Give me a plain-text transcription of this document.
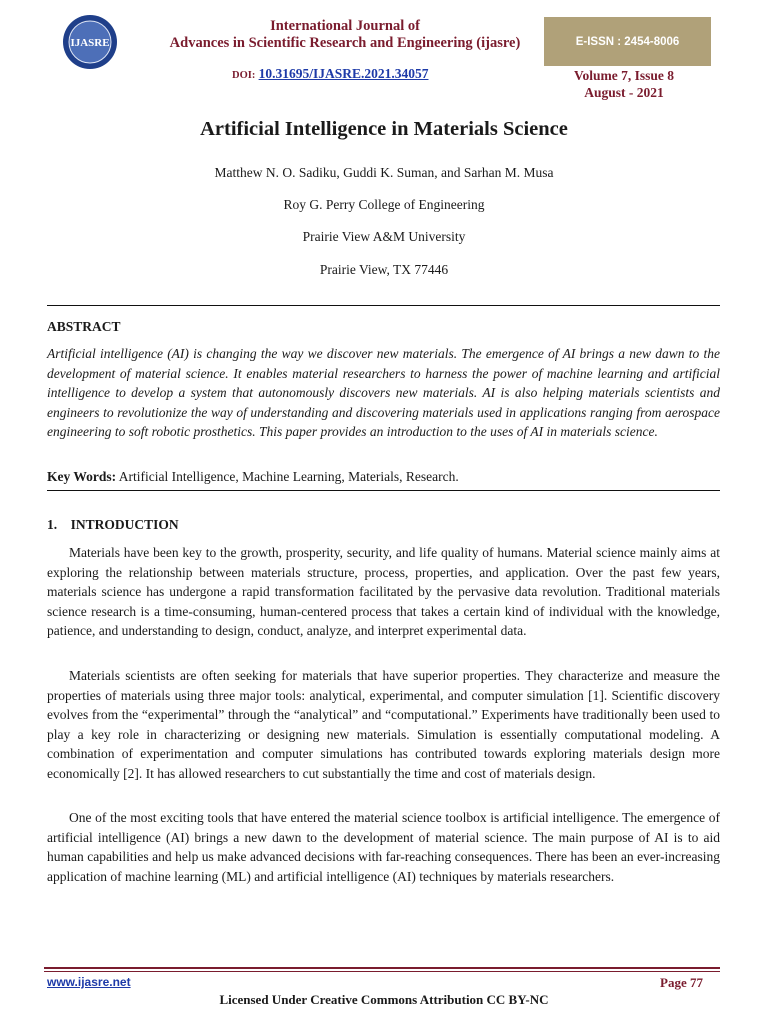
IJASRE
International Journal of
Advances in Scientific Research and Engineering (ijasre)	E-ISSN : 2454-8006
DOI: 10.31695/IJASRE.2021.34057	Volume 7, Issue 8
August - 2021
Artificial Intelligence in Materials Science
Matthew N. O. Sadiku, Guddi K. Suman, and Sarhan M. Musa
Roy G. Perry College of Engineering
Prairie View A&M University
Prairie View, TX 77446
ABSTRACT

Artificial intelligence (AI) is changing the way we discover new materials. The emergence of AI brings a new dawn to the development of material science. It enables material researchers to harness the power of machine learning and artificial intelligence to develop a system that autonomously discovers new materials. AI is also helping materials scientists and engineers to revolutionize the way of understanding and discovering materials used in applications ranging from aerospace engineering to soft robotic prosthetics. This paper provides an introduction to the uses of AI in materials science.

Key Words: Artificial Intelligence, Machine Learning, Materials, Research.
1.    INTRODUCTION

Materials have been key to the growth, prosperity, security, and life quality of humans. Material science mainly aims at exploring the relationship between materials structure, process, properties, and application. Over the past few years, materials science has undergone a rapid transformation facilitated by the pervasive data revolution. Traditional materials science research is a time-consuming, human-centered process that takes a certain kind of individual with the knowledge, patience, and understanding to design, conduct, analyze, and interpret experimental data.

Materials scientists are often seeking for materials that have superior properties. They characterize and measure the properties of materials using three major tools: analytical, experimental, and computer simulation [1]. Scientific discovery evolves from the “experimental” through the “analytical” and “computational.” Experiments have traditionally been used to play a key role in characterizing or designing new materials. Simulation is essentially computational modeling. A combination of experimentation and computer simulations has contributed towards exploring materials design more economically [2]. It has allowed researchers to cut substantially the time and cost of materials design.

One of the most exciting tools that have entered the material science toolbox is artificial intelligence. The emergence of artificial intelligence (AI) brings a new dawn to the development of material science. The main purpose of AI is to aid human capabilities and help us make advanced decisions with far-reaching consequences. There has been an ever-increasing application of machine learning (ML) and artificial intelligence (AI) techniques by materials researchers.

www.ijasre.net	Page 77
Licensed Under Creative Commons Attribution CC BY-NC
